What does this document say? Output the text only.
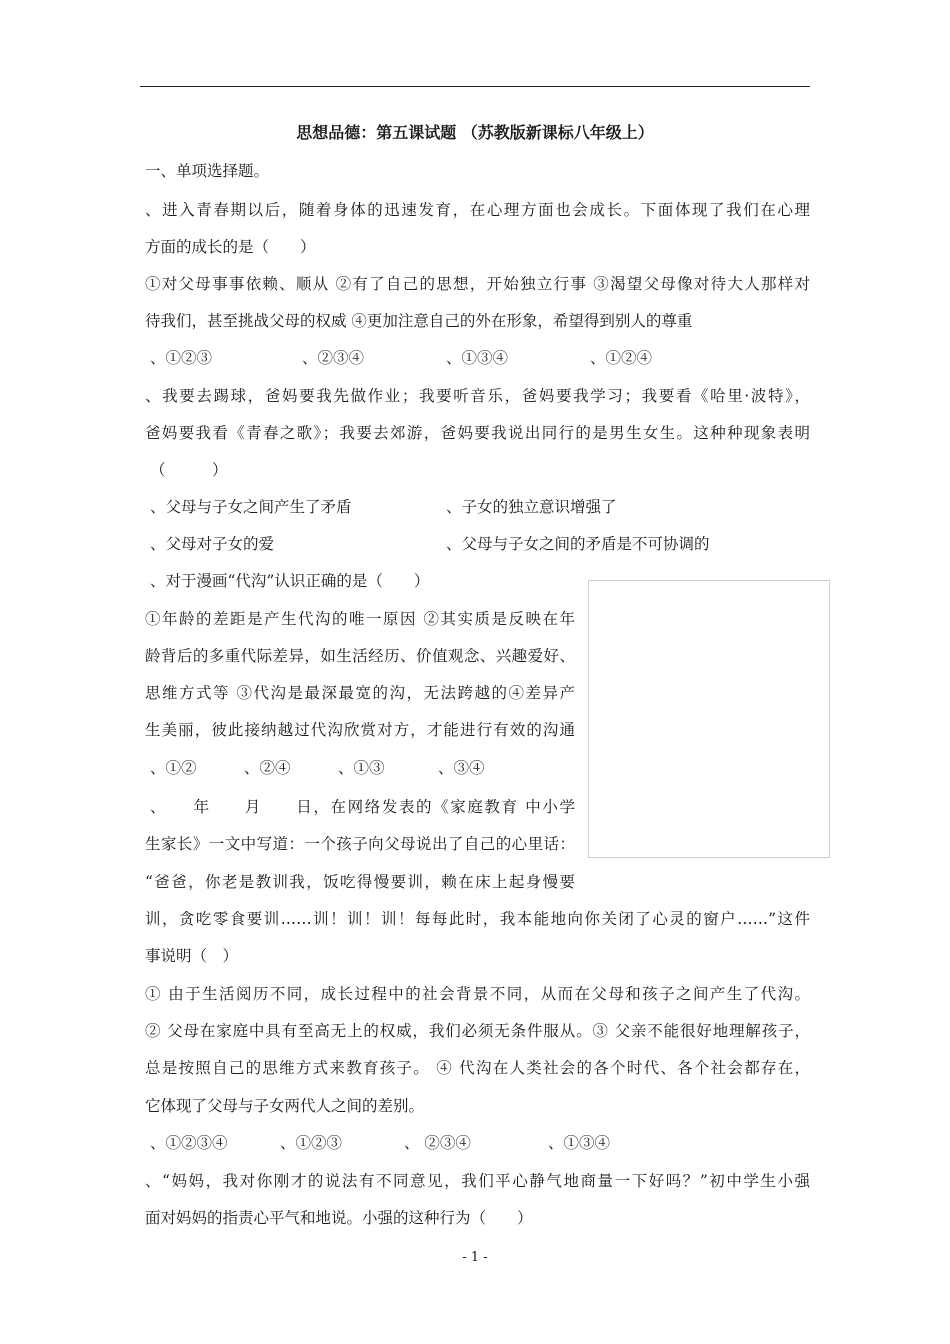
思想品德：第五课试题 （苏教版新课标八年级上）
一、单项选择题。
、进入青春期以后，随着身体的迅速发育，在心理方面也会成长。下面体现了我们在心理
方面的成长的是（　　）
①对父母事事依赖、顺从 ②有了自己的思想，开始独立行事 ③渴望父母像对待大人那样对
待我们，甚至挑战父母的权威 ④更加注意自己的外在形象，希望得到别人的尊重
、①②③	、②③④	、①③④	、①②④
、我要去踢球，爸妈要我先做作业；我要听音乐，爸妈要我学习；我要看《哈里·波特》，
爸妈要我看《青春之歌》；我要去郊游，爸妈要我说出同行的是男生女生。这种种现象表明
（　　　）
、父母与子女之间产生了矛盾	、子女的独立意识增强了
、父母对子女的爱	、父母与子女之间的矛盾是不可协调的
、对于漫画“代沟”认识正确的是（　　）
①年龄的差距是产生代沟的唯一原因 ②其实质是反映在年
龄背后的多重代际差异，如生活经历、价值观念、兴趣爱好、
思维方式等 ③代沟是最深最宽的沟，无法跨越的④差异产
生美丽，彼此接纳越过代沟欣赏对方，才能进行有效的沟通
、①②	、②④	、①③	、③④
、　　年　　月　　日，在网络发表的《家庭教育 中小学
生家长》一文中写道：一个孩子向父母说出了自己的心里话：
“爸爸，你老是教训我，饭吃得慢要训，赖在床上起身慢要
训，贪吃零食要训……训！训！训！每每此时，我本能地向你关闭了心灵的窗户……”这件
事说明（　）
① 由于生活阅历不同，成长过程中的社会背景不同，从而在父母和孩子之间产生了代沟。
② 父母在家庭中具有至高无上的权威，我们必须无条件服从。③ 父亲不能很好地理解孩子，
总是按照自己的思维方式来教育孩子。 ④ 代沟在人类社会的各个时代、各个社会都存在，
它体现了父母与子女两代人之间的差别。
、①②③④	、①②③	、 ②③④	、①③④
、“妈妈，我对你刚才的说法有不同意见，我们平心静气地商量一下好吗？”初中学生小强
面对妈妈的指责心平气和地说。小强的这种行为（　　）
- 1 -
